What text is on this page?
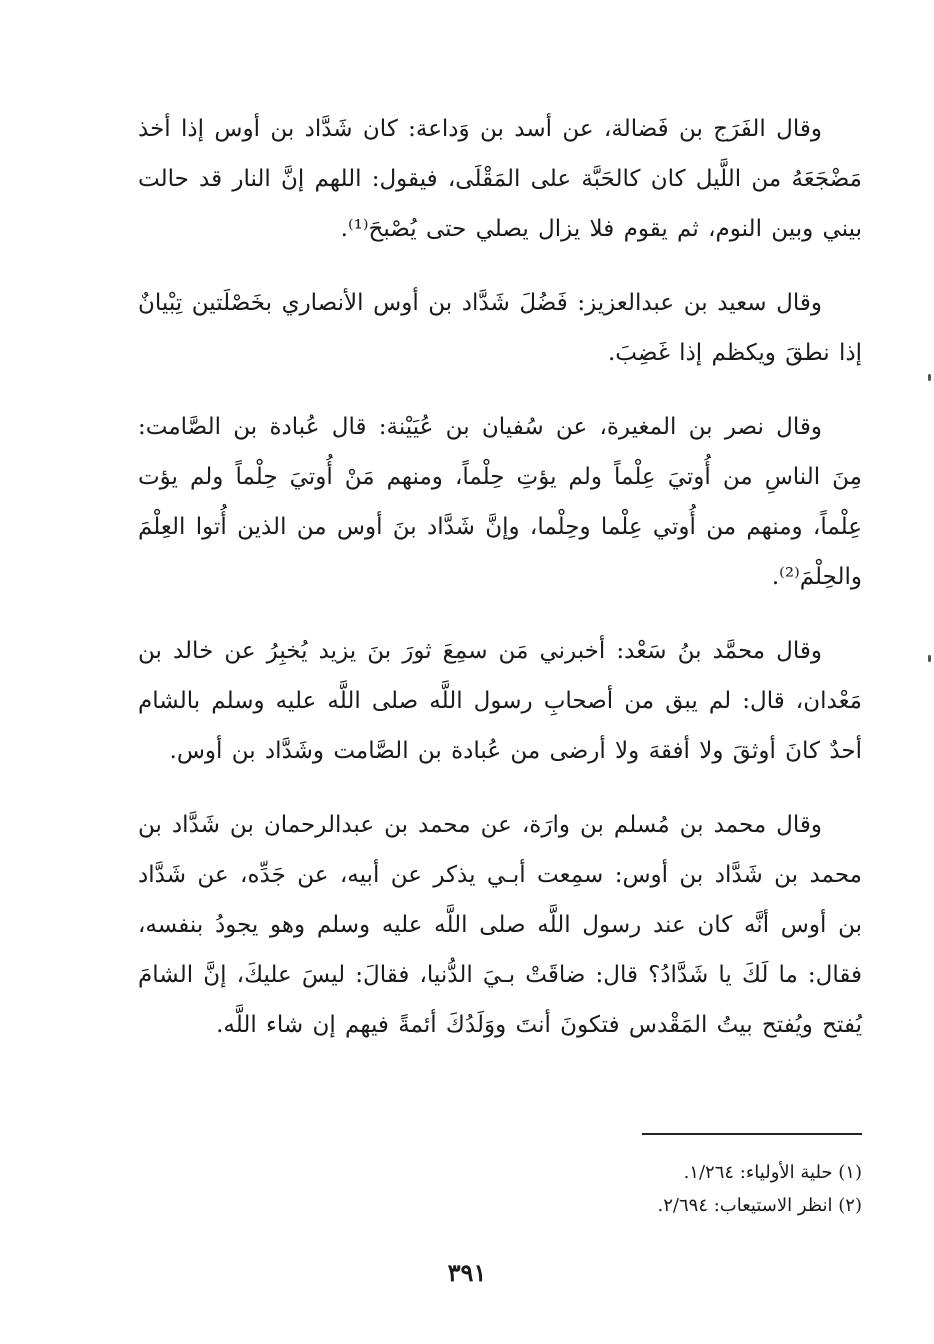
وقال الفَرَج بن فَضالة، عن أسد بن وَداعة: كان شَدَّاد بن أوس إذا أخذ مَضْجَعَهُ من اللَّيل كان كالحَبَّة على المَقْلَى، فيقول: اللهم إنَّ النار قد حالت بيني وبين النوم، ثم يقوم فلا يزال يصلي حتى يُصْبحَ⁽¹⁾.

وقال سعيد بن عبدالعزيز: فَضُلَ شَدَّاد بن أوس الأنصاري بخَصْلَتين تِبْيانٌ إذا نطقَ ويكظم إذا غَضِبَ.

وقال نصر بن المغيرة، عن سُفيان بن عُيَيْنة: قال عُبادة بن الصَّامت: مِنَ الناسِ من أُوتيَ عِلْماً ولم يؤتِ حِلْماً، ومنهم مَنْ أُوتيَ حِلْماً ولم يؤت عِلْماً، ومنهم من أُوتي عِلْما وحِلْما، وإنَّ شَدَّاد بنَ أوس من الذين أُتوا العِلْمَ والحِلْمَ⁽²⁾.

وقال محمَّد بنُ سَعْد: أخبرني مَن سمِعَ ثورَ بنَ يزيد يُخبِرُ عن خالد بن مَعْدان، قال: لم يبق من أصحابِ رسول اللَّه صلى اللَّه عليه وسلم بالشام أحدٌ كانَ أوثقَ ولا أفقهَ ولا أرضى من عُبادة بن الصَّامت وشَدَّاد بن أوس.

وقال محمد بن مُسلم بن وارَة، عن محمد بن عبدالرحمان بن شَدَّاد بن محمد بن شَدَّاد بن أوس: سمِعت أبـي يذكر عن أبيه، عن جَدِّه، عن شَدَّاد بن أوس أنَّه كان عند رسول اللَّه صلى اللَّه عليه وسلم وهو يجودُ بنفسه، فقال: ما لَكَ يا شَدَّادُ؟ قال: ضاقَتْ بـيَ الدُّنيا، فقالَ: ليسَ عليكَ، إنَّ الشامَ يُفتح ويُفتح بيتُ المَقْدس فتكونَ أنتَ ووَلَدُكَ أئمةً فيهم إن شاء اللَّه.

(١) حلية الأولياء: ١/٢٦٤.

(٢) انظر الاستيعاب: ٢/٦٩٤.

٣٩١
